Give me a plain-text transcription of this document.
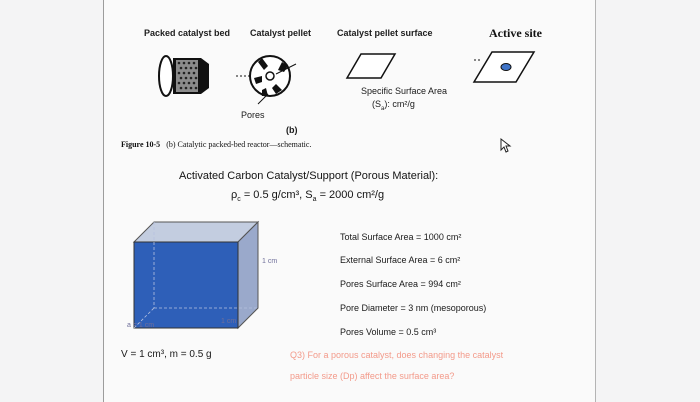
Packed catalyst bed Catalyst pellet	Catalyst pellet surface	Active site
Pores
(b)
Specific Surface Area
$(S_a)$: cm²/g
Figure 10-5 (b) Catalytic packed-bed reactor—schematic.
Activated Carbon Catalyst/Support (Porous Material):
$\rho_c = 0.5$ g/cm³, $S_a = 2000$ cm²/g
1 cm
a = 1 cm
1 cm
V = 1 cm³, m = 0.5 g
Total Surface Area = 1000 cm²
External Surface Area = 6 cm²
Pores Surface Area = 994 cm²
Pore Diameter = 3 nm (mesoporous)
Pores Volume = 0.5 cm³
Q3) For a porous catalyst, does changing the catalyst
particle size (Dp) affect the surface area?
